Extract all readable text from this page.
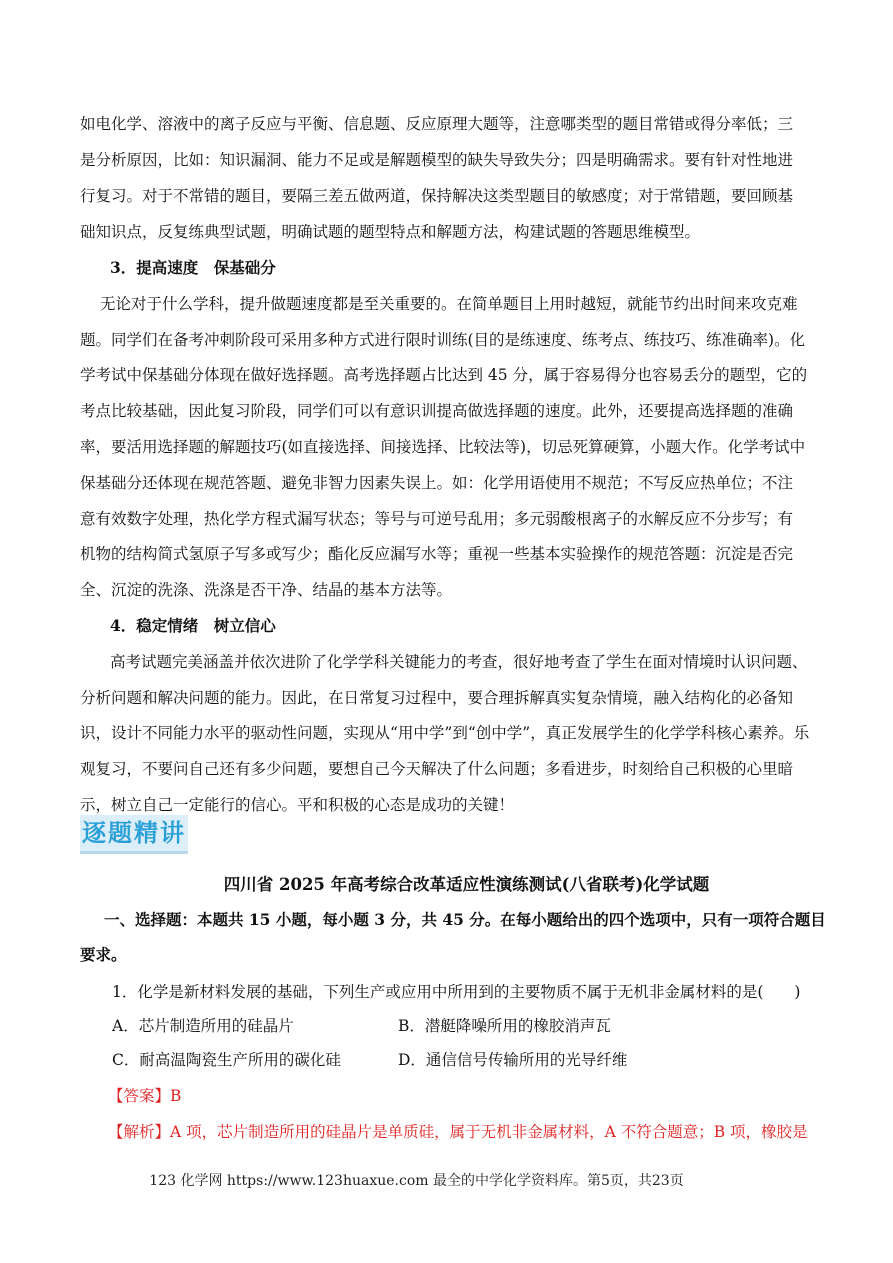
如电化学、溶液中的离子反应与平衡、信息题、反应原理大题等，注意哪类型的题目常错或得分率低；三
是分析原因，比如：知识漏洞、能力不足或是解题模型的缺失导致失分；四是明确需求。要有针对性地进
行复习。对于不常错的题目，要隔三差五做两道，保持解决这类型题目的敏感度；对于常错题，要回顾基
础知识点，反复练典型试题，明确试题的题型特点和解题方法，构建试题的答题思维模型。
3．提高速度　保基础分
无论对于什么学科，提升做题速度都是至关重要的。在简单题目上用时越短，就能节约出时间来攻克难
题。同学们在备考冲刺阶段可采用多种方式进行限时训练(目的是练速度、练考点、练技巧、练准确率)。化
学考试中保基础分体现在做好选择题。高考选择题占比达到 45 分，属于容易得分也容易丢分的题型，它的
考点比较基础，因此复习阶段，同学们可以有意识训提高做选择题的速度。此外，还要提高选择题的准确
率，要活用选择题的解题技巧(如直接选择、间接选择、比较法等)，切忌死算硬算，小题大作。化学考试中
保基础分还体现在规范答题、避免非智力因素失误上。如：化学用语使用不规范；不写反应热单位；不注
意有效数字处理，热化学方程式漏写状态；等号与可逆号乱用；多元弱酸根离子的水解反应不分步写；有
机物的结构简式氢原子写多或写少；酯化反应漏写水等；重视一些基本实验操作的规范答题：沉淀是否完
全、沉淀的洗涤、洗涤是否干净、结晶的基本方法等。
4．稳定情绪　树立信心
高考试题完美涵盖并依次进阶了化学学科关键能力的考查，很好地考查了学生在面对情境时认识问题、
分析问题和解决问题的能力。因此，在日常复习过程中，要合理拆解真实复杂情境，融入结构化的必备知
识，设计不同能力水平的驱动性问题，实现从“用中学”到“创中学”，真正发展学生的化学学科核心素养。乐
观复习，不要问自己还有多少问题，要想自己今天解决了什么问题；多看进步，时刻给自己积极的心里暗
示，树立自己一定能行的信心。平和积极的心态是成功的关键！
逐题精讲
四川省 2025 年高考综合改革适应性演练测试(八省联考)化学试题
一、选择题：本题共 15 小题，每小题 3 分，共 45 分。在每小题给出的四个选项中，只有一项符合题目
要求。
1．化学是新材料发展的基础，下列生产或应用中所用到的主要物质不属于无机非金属材料的是(　　)
A．芯片制造所用的硅晶片	B．潜艇降噪所用的橡胶消声瓦
C．耐高温陶瓷生产所用的碳化硅	D．通信信号传输所用的光导纤维
【答案】B
【解析】A 项，芯片制造所用的硅晶片是单质硅，属于无机非金属材料，A 不符合题意；B 项，橡胶是
123 化学网 https://www.123huaxue.com 最全的中学化学资料库。第5页，共23页
